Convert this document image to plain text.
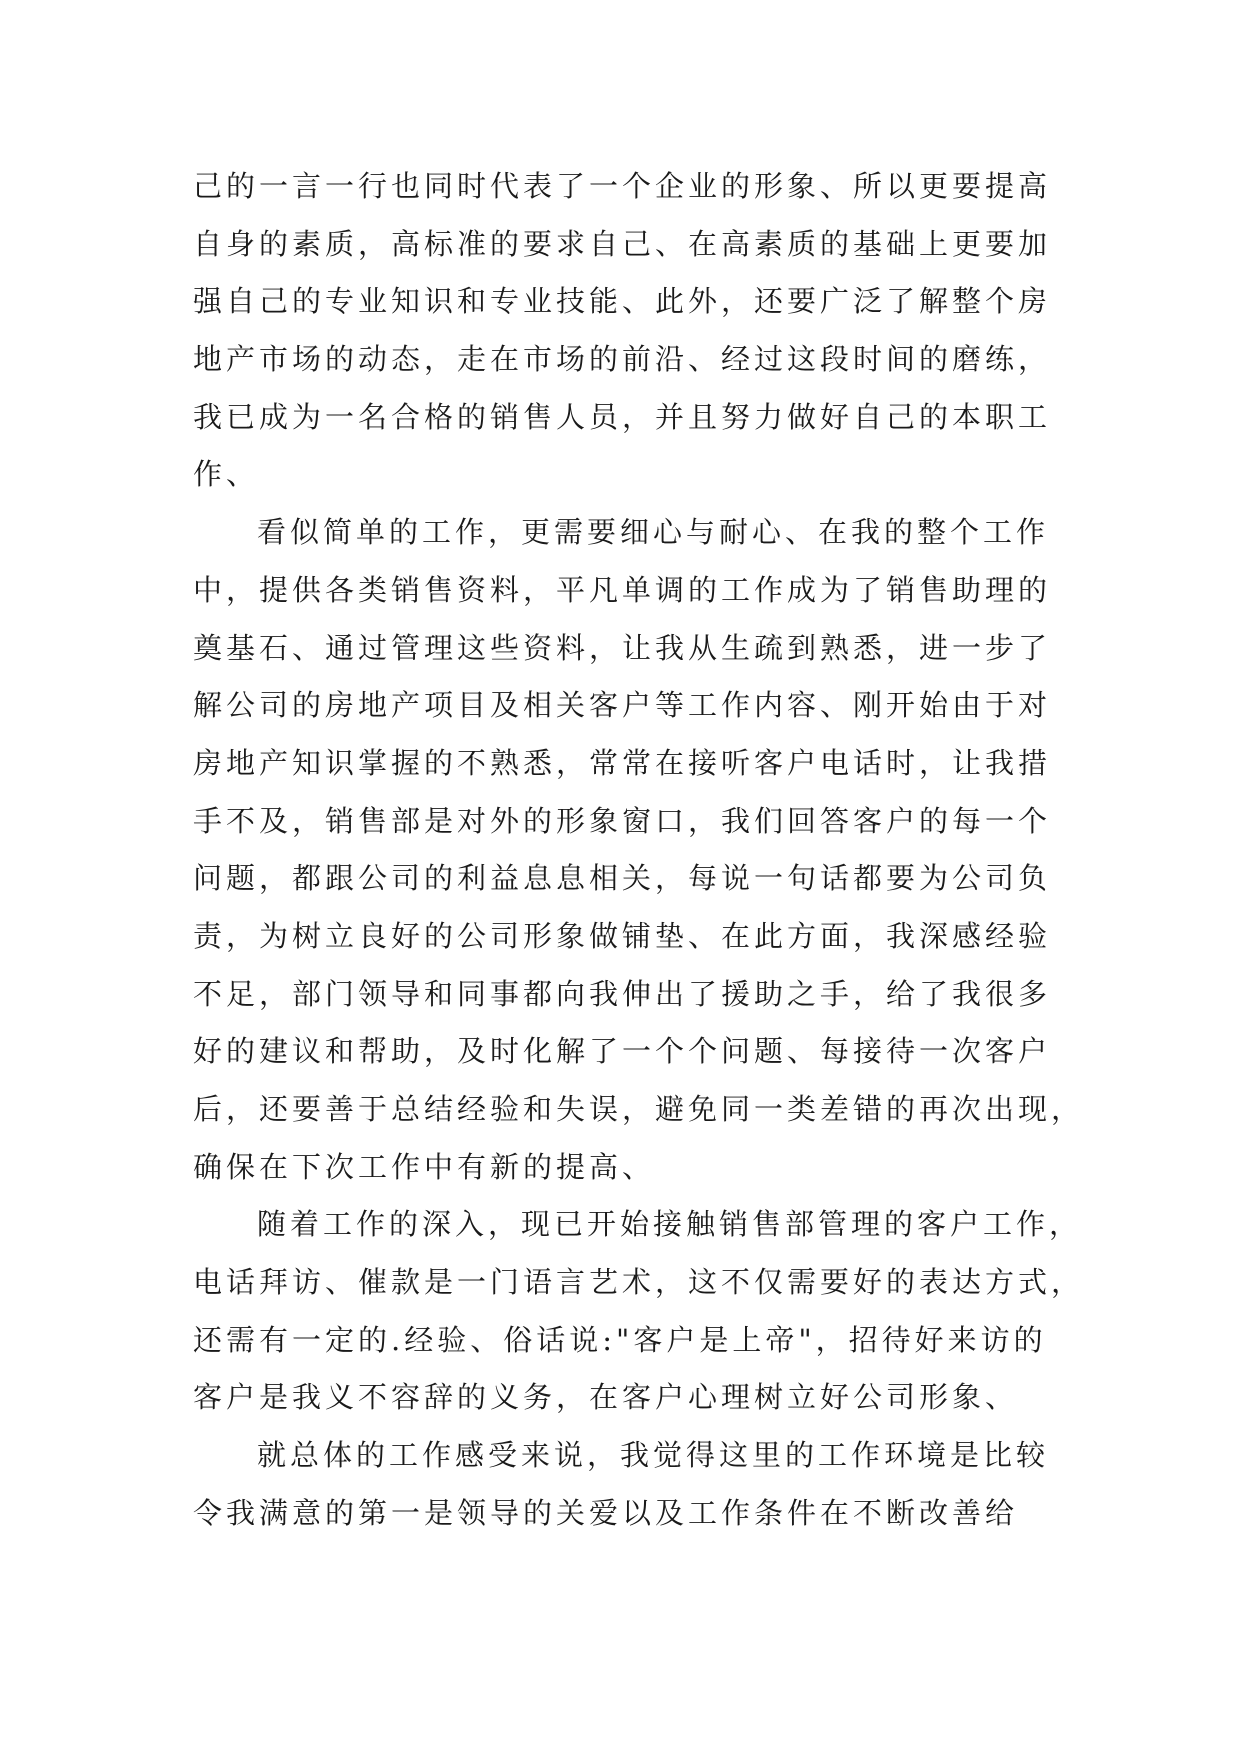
己的一言一行也同时代表了一个企业的形象、所以更要提高
自身的素质，高标准的要求自己、在高素质的基础上更要加
强自己的专业知识和专业技能、此外，还要广泛了解整个房
地产市场的动态，走在市场的前沿、经过这段时间的磨练，
我已成为一名合格的销售人员，并且努力做好自己的本职工
作、
看似简单的工作，更需要细心与耐心、在我的整个工作
中，提供各类销售资料，平凡单调的工作成为了销售助理的
奠基石、通过管理这些资料，让我从生疏到熟悉，进一步了
解公司的房地产项目及相关客户等工作内容、刚开始由于对
房地产知识掌握的不熟悉，常常在接听客户电话时，让我措
手不及，销售部是对外的形象窗口，我们回答客户的每一个
问题，都跟公司的利益息息相关，每说一句话都要为公司负
责，为树立良好的公司形象做铺垫、在此方面，我深感经验
不足，部门领导和同事都向我伸出了援助之手，给了我很多
好的建议和帮助，及时化解了一个个问题、每接待一次客户
后，还要善于总结经验和失误，避免同一类差错的再次出现，
确保在下次工作中有新的提高、
随着工作的深入，现已开始接触销售部管理的客户工作，
电话拜访、催款是一门语言艺术，这不仅需要好的表达方式，
还需有一定的.经验、俗话说:"客户是上帝"，招待好来访的
客户是我义不容辞的义务，在客户心理树立好公司形象、
就总体的工作感受来说，我觉得这里的工作环境是比较
令我满意的第一是领导的关爱以及工作条件在不断改善给
